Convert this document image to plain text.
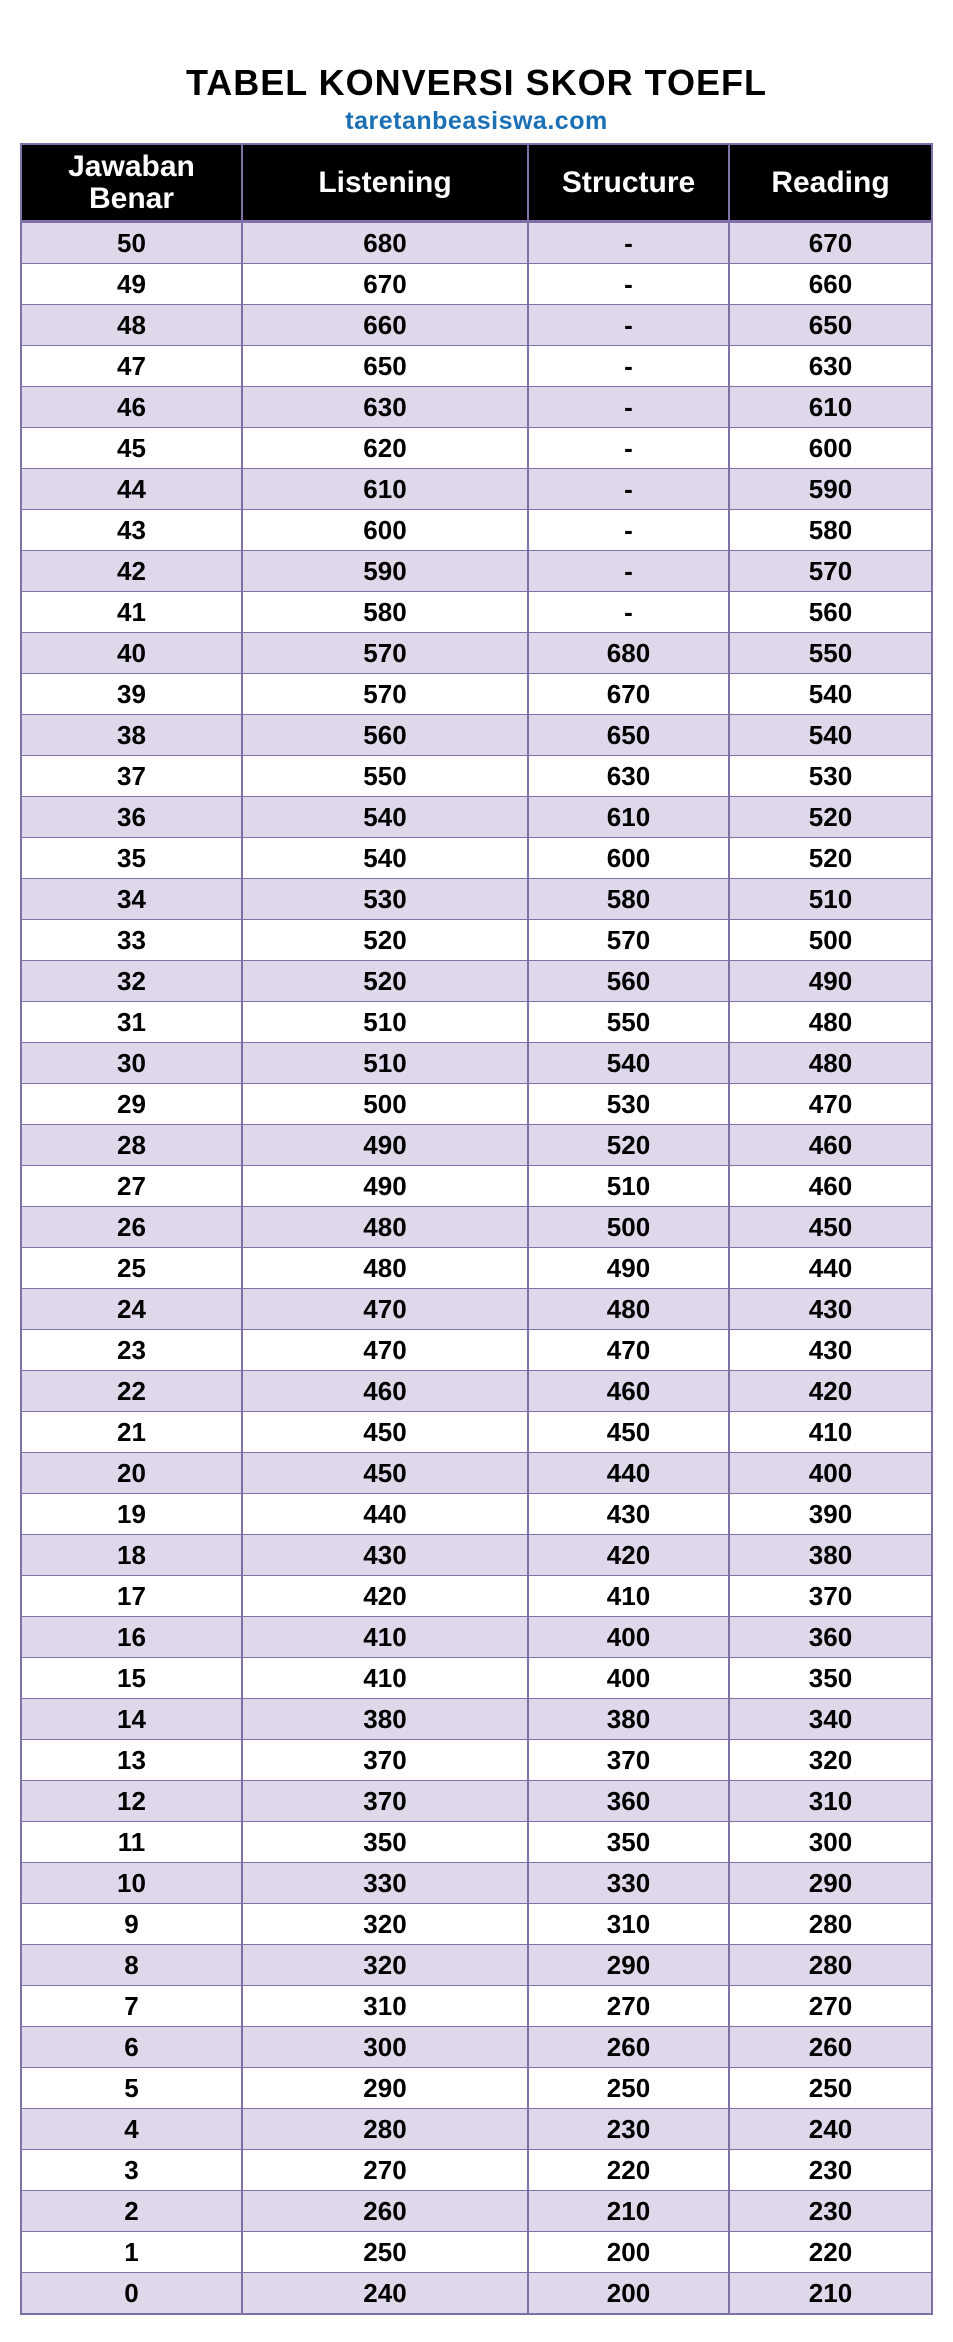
TABEL KONVERSI SKOR TOEFL
taretanbeasiswa.com
Jawaban
Benar	Listening	Structure	Reading
50	680	-	670
49	670	-	660
48	660	-	650
47	650	-	630
46	630	-	610
45	620	-	600
44	610	-	590
43	600	-	580
42	590	-	570
41	580	-	560
40	570	680	550
39	570	670	540
38	560	650	540
37	550	630	530
36	540	610	520
35	540	600	520
34	530	580	510
33	520	570	500
32	520	560	490
31	510	550	480
30	510	540	480
29	500	530	470
28	490	520	460
27	490	510	460
26	480	500	450
25	480	490	440
24	470	480	430
23	470	470	430
22	460	460	420
21	450	450	410
20	450	440	400
19	440	430	390
18	430	420	380
17	420	410	370
16	410	400	360
15	410	400	350
14	380	380	340
13	370	370	320
12	370	360	310
11	350	350	300
10	330	330	290
9	320	310	280
8	320	290	280
7	310	270	270
6	300	260	260
5	290	250	250
4	280	230	240
3	270	220	230
2	260	210	230
1	250	200	220
0	240	200	210
